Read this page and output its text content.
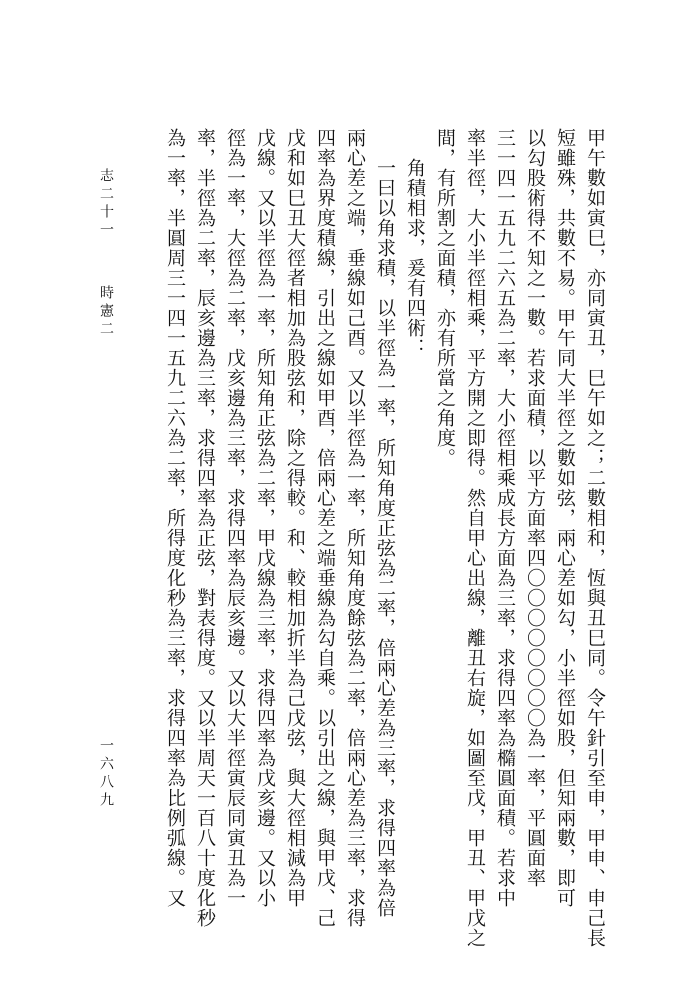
甲午數如寅巳，亦同寅丑，巳午如之；二數相和，恆與丑巳同。令午針引至申，甲申、申己長
短雖殊，共數不易。甲午同大半徑之數如弦，兩心差如勾，小半徑如股，但知兩數，即可
以勾股術得不知之一數。若求面積，以平方面率四〇〇〇〇〇〇〇〇為一率，平圓面率
三一四一五九二六五為二率，大小徑相乘成長方面為三率，求得四率為橢圓面積。若求中
率半徑，大小半徑相乘，平方開之即得。然自甲心出線，離丑右旋，如圖至戊，甲丑、甲戊之
間，有所割之面積，亦有所當之角度。
角積相求，爰有四術：
一曰以角求積，以半徑為一率，所知角度正弦為二率，倍兩心差為三率，求得四率為倍
兩心差之端，垂線如己酉。又以半徑為一率，所知角度餘弦為二率，倍兩心差為三率，求得
四率為界度積線，引出之線如甲酉，倍兩心差之端垂線為勾自乘。以引出之線，與甲戊、己
戊和如巳丑大徑者相加為股弦和，除之得較。和、較相加折半為己戊弦，與大徑相減為甲
戊線。又以半徑為一率，所知角正弦為二率，甲戊線為三率，求得四率為戊亥邊。又以小
徑為一率，大徑為二率，戊亥邊為三率，求得四率為辰亥邊。又以大半徑寅辰同寅丑為一
率，半徑為二率，辰亥邊為三率，求得四率為正弦，對表得度。又以半周天一百八十度化秒
為一率，半圓周三一四一五九二六為二率，所得度化秒為三率，求得四率為比例弧線。又
志二十一
時憲二
一六八九
